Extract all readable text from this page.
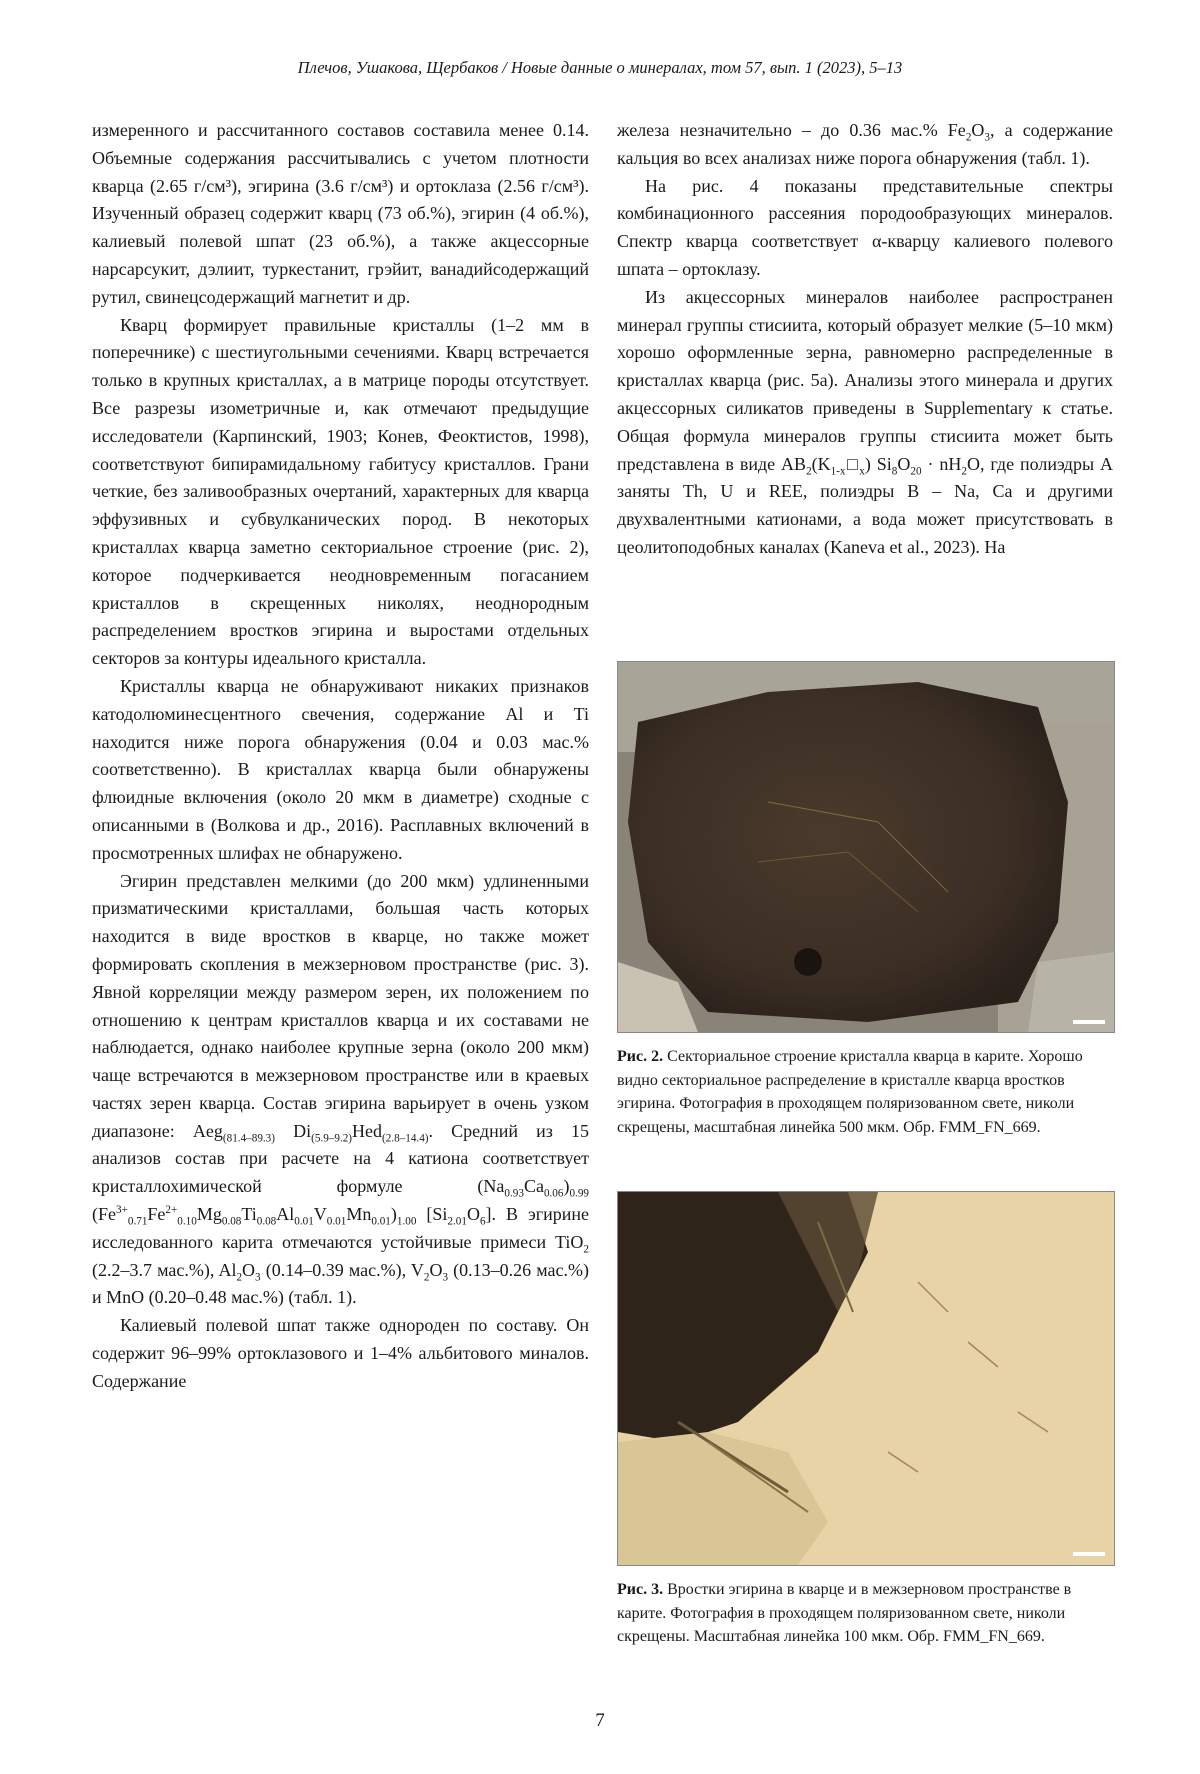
Плечов, Ушакова, Щербаков / Новые данные о минералах, том 57, вып. 1 (2023), 5–13

измеренного и рассчитанного составов составила менее 0.14. Объемные содержания рассчитывались с учетом плотности кварца (2.65 г/см³), эгирина (3.6 г/см³) и ортоклаза (2.56 г/см³). Изученный образец содержит кварц (73 об.%), эгирин (4 об.%), калиевый полевой шпат (23 об.%), а также акцессорные нарсарсукит, дэлиит, туркестанит, грэйит, ванадийсодержащий рутил, свинецсодержащий магнетит и др.

Кварц формирует правильные кристаллы (1–2 мм в поперечнике) с шестиугольными сечениями. Кварц встречается только в крупных кристаллах, а в матрице породы отсутствует. Все разрезы изометричные и, как отмечают предыдущие исследователи (Карпинский, 1903; Конев, Феоктистов, 1998), соответствуют бипирамидальному габитусу кристаллов. Грани четкие, без заливообразных очертаний, характерных для кварца эффузивных и субвулканических пород. В некоторых кристаллах кварца заметно секториальное строение (рис. 2), которое подчеркивается неодновременным погасанием кристаллов в скрещенных николях, неоднородным распределением вростков эгирина и выростами отдельных секторов за контуры идеального кристалла.

Кристаллы кварца не обнаруживают никаких признаков катодолюминесцентного свечения, содержание Al и Ti находится ниже порога обнаружения (0.04 и 0.03 мас.% соответственно). В кристаллах кварца были обнаружены флюидные включения (около 20 мкм в диаметре) сходные с описанными в (Волкова и др., 2016). Расплавных включений в просмотренных шлифах не обнаружено.

Эгирин представлен мелкими (до 200 мкм) удлиненными призматическими кристаллами, большая часть которых находится в виде вростков в кварце, но также может формировать скопления в межзерновом пространстве (рис. 3). Явной корреляции между размером зерен, их положением по отношению к центрам кристаллов кварца и их составами не наблюдается, однако наиболее крупные зерна (около 200 мкм) чаще встречаются в межзерновом пространстве или в краевых частях зерен кварца. Состав эгирина варьирует в очень узком диапазоне: Aeg$_{(81.4-89.3)}$ $Di_{(5.9-9.2)}Hed_{(2.8-14.4)}$. Средний из 15 анализов состав при расчете на 4 катиона соответствует кристаллохимической формуле $(Na_{0.93}Ca_{0.06})_{0.99}$ $(Fe^{3+}_{0.71}Fe^{2+}_{0.10}Mg_{0.08}Ti_{0.08}Al_{0.01}V_{0.01}Mn_{0.01})_{1.00}$ $[Si_{2.01}O_6]$. В эгирине исследованного карита отмечаются устойчивые примеси TiO$_2$ (2.2–3.7 мас.%), $Al_2O_3$ (0.14–0.39 мас.%), $V_2O_3$ (0.13–0.26 мас.%) и MnO (0.20–0.48 мас.%) (табл. 1).

Калиевый полевой шпат также однороден по составу. Он содержит 96–99% ортоклазового и 1–4% альбитового миналов. Содержание

железа незначительно – до 0.36 мас.% $Fe_2O_3$, а содержание кальция во всех анализах ниже порога обнаружения (табл. 1).

На рис. 4 показаны представительные спектры комбинационного рассеяния породообразующих минералов. Спектр кварца соответствует α-кварцу калиевого полевого шпата – ортоклазу.

Из акцессорных минералов наиболее распространен минерал группы стисиита, который образует мелкие (5–10 мкм) хорошо оформленные зерна, равномерно распределенные в кристаллах кварца (рис. 5а). Анализы этого минерала и других акцессорных силикатов приведены в Supplementary к статье. Общая формула минералов группы стисиита может быть представлена в виде $AB_2(K_{1-x}□_x) Si_8O_{20} \cdot nH_2O$, где полиэдры A заняты Th, U и REE, полиэдры B – Na, Ca и другими двухвалентными катионами, а вода может присутствовать в цеолитоподобных каналах (Kaneva et al., 2023). На

Рис. 2. Секториальное строение кристалла кварца в карите. Хорошо видно секториальное распределение в кристалле кварца вростков эгирина. Фотография в проходящем поляризованном свете, николи скрещены, масштабная линейка 500 мкм. Обр. FMM_FN_669.
Рис. 3. Вростки эгирина в кварце и в межзерновом пространстве в карите. Фотография в проходящем поляризованном свете, николи скрещены. Масштабная линейка 100 мкм. Обр. FMM_FN_669.
7
